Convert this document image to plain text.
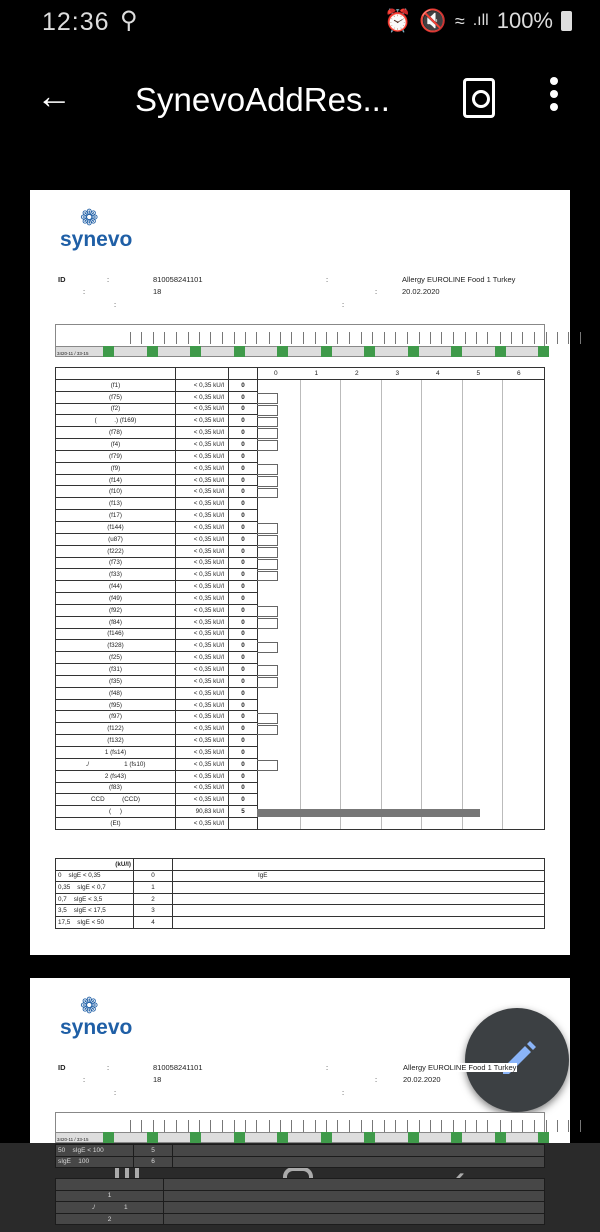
12:36 ⚲	⏰ 🔇 ≈ .ıll 100%
← SynevoAddRes...
❁
synevo
ID	:	810058241101	:	Allergy EUROLINE Food 1 Turkey
:	18	:	20.02.2020
:	:
3420-11 / 33-15

(f1)	< 0,35 kU/l	0
(f75)	< 0,35 kU/l	0
(f2)	< 0,35 kU/l	0
(          .) (f169)	< 0,35 kU/l	0
(f78)	< 0,35 kU/l	0
(f4)	< 0,35 kU/l	0
(f79)	< 0,35 kU/l	0
(f9)	< 0,35 kU/l	0
(f14)	< 0,35 kU/l	0
(f10)	< 0,35 kU/l	0
(f13)	< 0,35 kU/l	0
(f17)	< 0,35 kU/l	0
(f144)	< 0,35 kU/l	0
(u87)	< 0,35 kU/l	0
(f222)	< 0,35 kU/l	0
(f73)	< 0,35 kU/l	0
(f33)	< 0,35 kU/l	0
(f44)	< 0,35 kU/l	0
(f49)	< 0,35 kU/l	0
(f92)	< 0,35 kU/l	0
(f84)	< 0,35 kU/l	0
(f146)	< 0,35 kU/l	0
(f328)	< 0,35 kU/l	0
(f25)	< 0,35 kU/l	0
(f31)	< 0,35 kU/l	0
(f35)	< 0,35 kU/l	0
(f48)	< 0,35 kU/l	0
(f95)	< 0,35 kU/l	0
(f97)	< 0,35 kU/l	0
(f122)	< 0,35 kU/l	0
(f132)	< 0,35 kU/l	0
1 (fs14)	< 0,35 kU/l	0
./                    1 (fs10)	< 0,35 kU/l	0
2 (fs43)	< 0,35 kU/l	0
(f83)	< 0,35 kU/l	0
CCD          (CCD)	< 0,35 kU/l	0
(     )	90,83 kU/l	5
(Et)	< 0,35 kU/l	
0	1	2	3	4	5	6
(kU/l)		
0    sIgE < 0,35	0	IgE
0,35    sIgE < 0,7	1	
0,7    sIgE < 3,5	2	
3,5    sIgE < 17,5	3	
17,5    sIgE < 50	4	
❁
synevo
ID	:	810058241101	:	Allergy EUROLINE Food 1 Turkey
:	18	:	20.02.2020
:	:
3420-11 / 33-15
50    sIgE < 100	5	
sIgE    100	6	

1	
./                1	
2	
